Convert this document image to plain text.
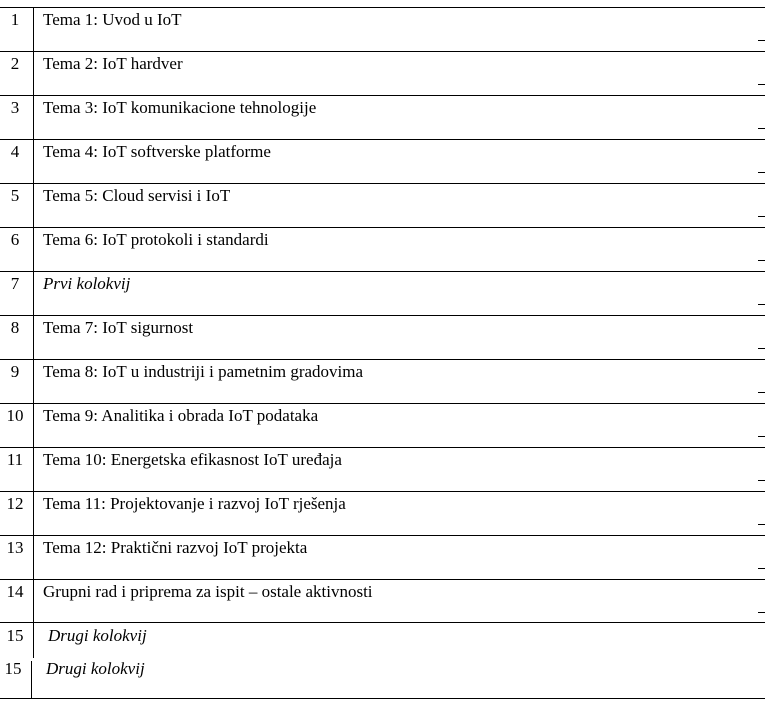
1	Tema 1: Uvod u IoT
2	Tema 2: IoT hardver
3	Tema 3: IoT komunikacione tehnologije
4	Tema 4: IoT softverske platforme
5	Tema 5: Cloud servisi i IoT
6	Tema 6: IoT protokoli i standardi
7	Prvi kolokvij
8	Tema 7: IoT sigurnost
9	Tema 8: IoT u industriji i pametnim gradovima
10	Tema 9: Analitika i obrada IoT podataka
11	Tema 10: Energetska efikasnost IoT uređaja
12	Tema 11: Projektovanje i razvoj IoT rješenja
13	Tema 12: Praktični razvoj IoT projekta
14	Grupni rad i priprema za ispit – ostale aktivnosti
15	Drugi kolokvij
15	Drugi kolokvij
